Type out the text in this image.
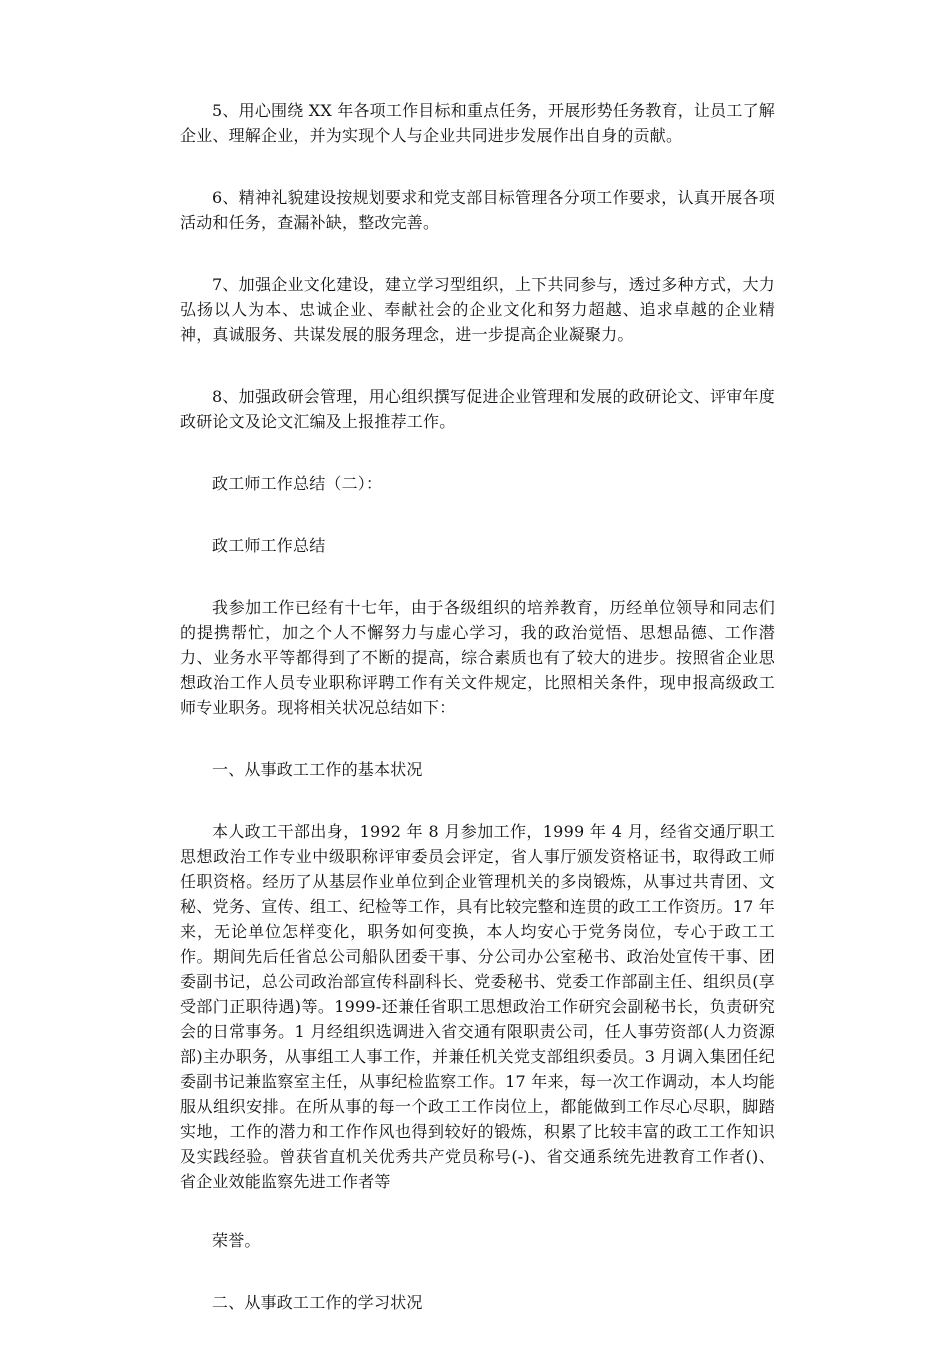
5、用心围绕 XX 年各项工作目标和重点任务，开展形势任务教育，让员工了解企业、理解企业，并为实现个人与企业共同进步发展作出自身的贡献。

6、精神礼貌建设按规划要求和党支部目标管理各分项工作要求，认真开展各项活动和任务，查漏补缺，整改完善。

7、加强企业文化建设，建立学习型组织，上下共同参与，透过多种方式，大力弘扬以人为本、忠诚企业、奉献社会的企业文化和努力超越、追求卓越的企业精神，真诚服务、共谋发展的服务理念，进一步提高企业凝聚力。

8、加强政研会管理，用心组织撰写促进企业管理和发展的政研论文、评审年度政研论文及论文汇编及上报推荐工作。

政工师工作总结（二）：

政工师工作总结

我参加工作已经有十七年，由于各级组织的培养教育，历经单位领导和同志们的提携帮忙，加之个人不懈努力与虚心学习，我的政治觉悟、思想品德、工作潜力、业务水平等都得到了不断的提高，综合素质也有了较大的进步。按照省企业思想政治工作人员专业职称评聘工作有关文件规定，比照相关条件，现申报高级政工师专业职务。现将相关状况总结如下：

一、从事政工工作的基本状况

本人政工干部出身，1992 年 8 月参加工作，1999 年 4 月，经省交通厅职工思想政治工作专业中级职称评审委员会评定，省人事厅颁发资格证书，取得政工师任职资格。经历了从基层作业单位到企业管理机关的多岗锻炼，从事过共青团、文秘、党务、宣传、组工、纪检等工作，具有比较完整和连贯的政工工作资历。17 年来，无论单位怎样变化，职务如何变换，本人均安心于党务岗位，专心于政工工作。期间先后任省总公司船队团委干事、分公司办公室秘书、政治处宣传干事、团委副书记，总公司政治部宣传科副科长、党委秘书、党委工作部副主任、组织员(享受部门正职待遇)等。1999-还兼任省职工思想政治工作研究会副秘书长，负责研究会的日常事务。1 月经组织选调进入省交通有限职责公司，任人事劳资部(人力资源部)主办职务，从事组工人事工作，并兼任机关党支部组织委员。3 月调入集团任纪委副书记兼监察室主任，从事纪检监察工作。17 年来，每一次工作调动，本人均能服从组织安排。在所从事的每一个政工工作岗位上，都能做到工作尽心尽职，脚踏实地，工作的潜力和工作作风也得到较好的锻炼，积累了比较丰富的政工工作知识及实践经验。曾获省直机关优秀共产党员称号(-)、省交通系统先进教育工作者()、省企业效能监察先进工作者等

荣誉。

二、从事政工工作的学习状况
